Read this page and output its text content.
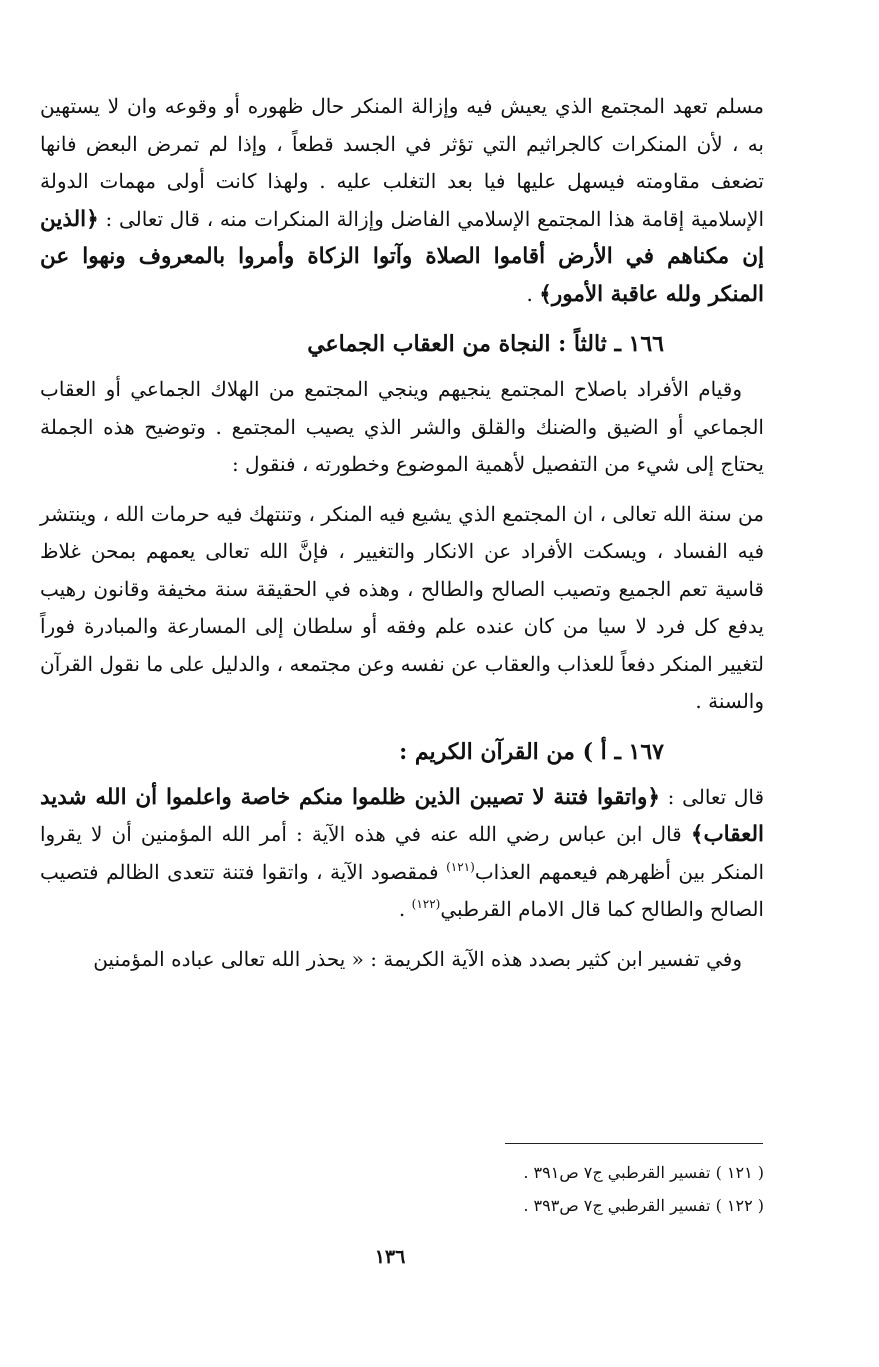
مسلم تعهد المجتمع الذي يعيش فيه وإزالة المنكر حال ظهوره أو وقوعه وان لا يستهين به ، لأن المنكرات كالجراثيم التي تؤثر في الجسد قطعاً ، وإذا لم تمرض البعض فانها تضعف مقاومته فيسهل عليها فيا بعد التغلب عليه . ولهذا كانت أولى مهمات الدولة الإسلامية إقامة هذا المجتمع الإسلامي الفاضل وإزالة المنكرات منه ، قال تعالى : ﴿الذين إن مكناهم في الأرض أقاموا الصلاة وآتوا الزكاة وأمروا بالمعروف ونهوا عن المنكر ولله عاقبة الأمور﴾ .

١٦٦ ـ ثالثاً : النجاة من العقاب الجماعي

وقيام الأفراد باصلاح المجتمع ينجيهم وينجي المجتمع من الهلاك الجماعي أو العقاب الجماعي أو الضيق والضنك والقلق والشر الذي يصيب المجتمع . وتوضيح هذه الجملة يحتاج إلى شيء من التفصيل لأهمية الموضوع وخطورته ، فنقول :

من سنة الله تعالى ، ان المجتمع الذي يشيع فيه المنكر ، وتنتهك فيه حرمات الله ، وينتشر فيه الفساد ، ويسكت الأفراد عن الانكار والتغيير ، فإنَّ الله تعالى يعمهم بمحن غلاظ قاسية تعم الجميع وتصيب الصالح والطالح ، وهذه في الحقيقة سنة مخيفة وقانون رهيب يدفع كل فرد لا سيا من كان عنده علم وفقه أو سلطان إلى المسارعة والمبادرة فوراً لتغيير المنكر دفعاً للعذاب والعقاب عن نفسه وعن مجتمعه ، والدليل على ما نقول القرآن والسنة .

١٦٧ ـ أ ) من القرآن الكريم :

قال تعالى : ﴿واتقوا فتنة لا تصيبن الذين ظلموا منكم خاصة واعلموا أن الله شديد العقاب﴾ قال ابن عباس رضي الله عنه في هذه الآية : أمر الله المؤمنين أن لا يقروا المنكر بين أظهرهم فيعمهم العذاب$^{(١٢١)}$ فمقصود الآية ، واتقوا فتنة تتعدى الظالم فتصيب الصالح والطالح كما قال الامام القرطبي$^{(١٢٢)}$ .

وفي تفسير ابن كثير بصدد هذه الآية الكريمة : « يحذر الله تعالى عباده المؤمنين

( ١٢١ ) تفسير القرطبي ج٧ ص٣٩١ .
( ١٢٢ ) تفسير القرطبي ج٧ ص٣٩٣ .
١٣٦
